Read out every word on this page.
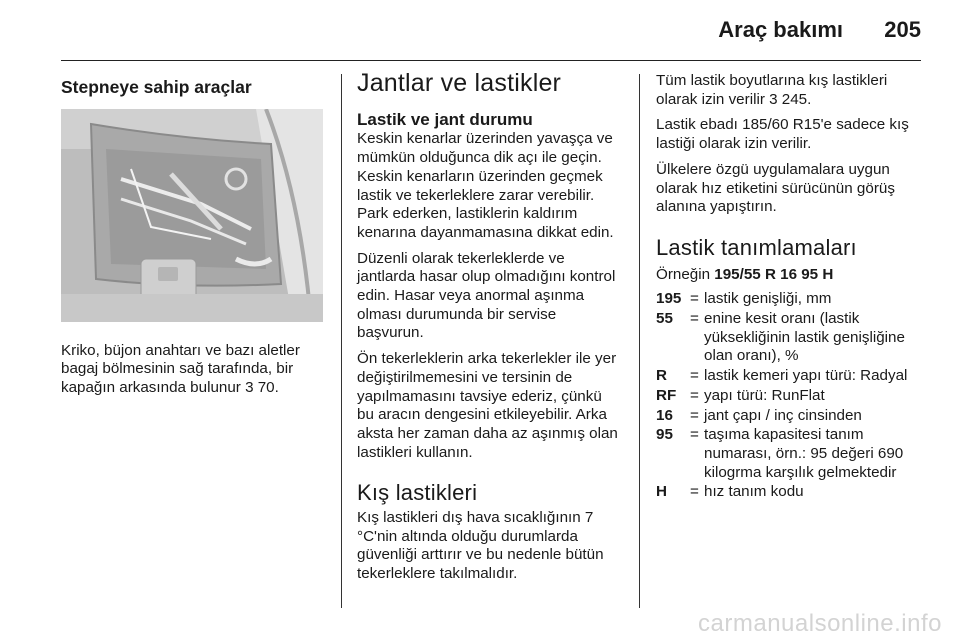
Araç bakımı 205
Stepneye sahip araçlar

Kriko, büjon anahtarı ve bazı aletler bagaj bölmesinin sağ tarafında, bir kapağın arkasında bulunur 3 70.

Jantlar ve lastikler
Lastik ve jant durumu

Keskin kenarlar üzerinden yavaşça ve mümkün olduğunca dik açı ile geçin. Keskin kenarların üzerinden geçmek lastik ve tekerleklere zarar verebilir. Park ederken, lastiklerin kaldırım kenarına dayanmamasına dikkat edin.

Düzenli olarak tekerleklerde ve jantlarda hasar olup olmadığını kontrol edin. Hasar veya anormal aşınma olması durumunda bir servise başvurun.

Ön tekerleklerin arka tekerlekler ile yer değiştirilmemesini ve tersinin de yapılmamasını tavsiye ederiz, çünkü bu aracın dengesini etkileyebilir. Arka aksta her zaman daha az aşınmış olan lastikleri kullanın.

Kış lastikleri

Kış lastikleri dış hava sıcaklığının 7 °C'nin altında olduğu durumlarda güvenliği arttırır ve bu nedenle bütün tekerleklere takılmalıdır.

Tüm lastik boyutlarına kış lastikleri olarak izin verilir 3 245.

Lastik ebadı 185/60 R15'e sadece kış lastiği olarak izin verilir.

Ülkelere özgü uygulamalara uygun olarak hız etiketini sürücünün görüş alanına yapıştırın.

Lastik tanımlamaları

Örneğin 195/55 R 16 95 H

195 = lastik genişliği, mm
55	= enine kesit oranı (lastik yüksekliğinin lastik genişliğine olan oranı), %
R	= lastik kemeri yapı türü: Radyal
RF = yapı türü: RunFlat
16	= jant çapı / inç cinsinden
95	= taşıma kapasitesi tanım numarası, örn.: 95 değeri 690 kilogrma karşılık gelmektedir
H	= hız tanım kodu
carmanualsonline.info
